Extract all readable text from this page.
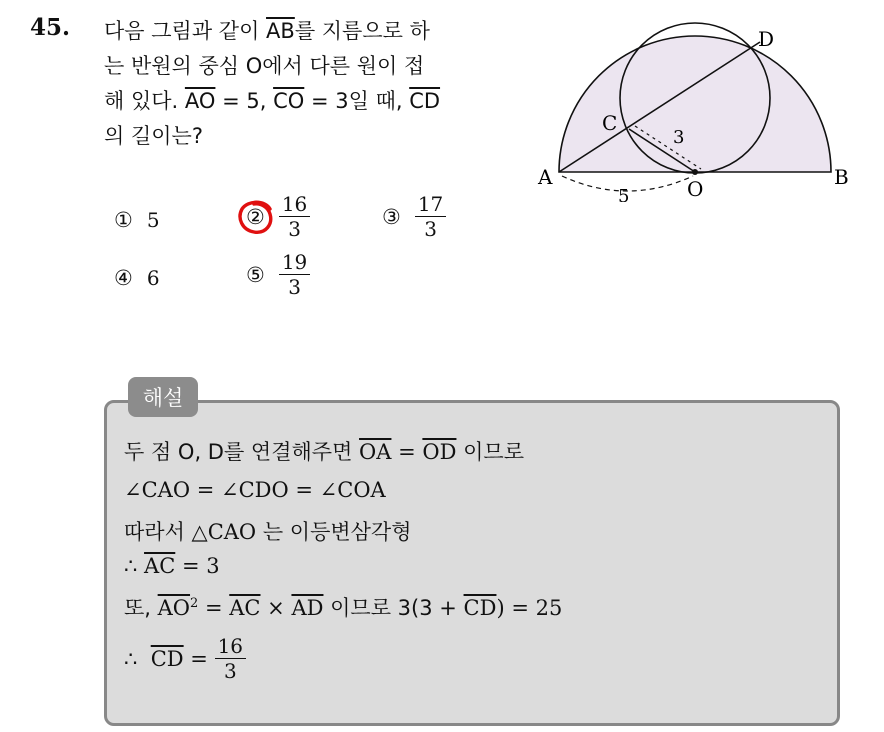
45. 다음 그림과 같이 $\overline{AB}$를 지름으로 하
는 반원의 중심 O에서 다른 원이 접
해 있다. $\overline{AO} = 5$, $\overline{CO} = 3$일 때, $\overline{CD}$
의 길이는?
A	B
C
D
O
3
5
① 5	② $\frac{16}{3}$	③ $\frac{17}{3}$
④ 6	⑤ $\frac{19}{3}$
해설
두 점 O, D를 연결해주면 $\overline{OA} = \overline{OD}$ 이므로
∠CAO = ∠CDO = ∠COA
따라서 △CAO 는 이등변삼각형
∴ $\overline{AC} = 3$
또, $\overline{AO}^2 = \overline{AC} \times \overline{AD}$ 이므로 $3(3 + \overline{CD}) = 25$
∴ $\overline{CD} = \frac{16}{3}$
